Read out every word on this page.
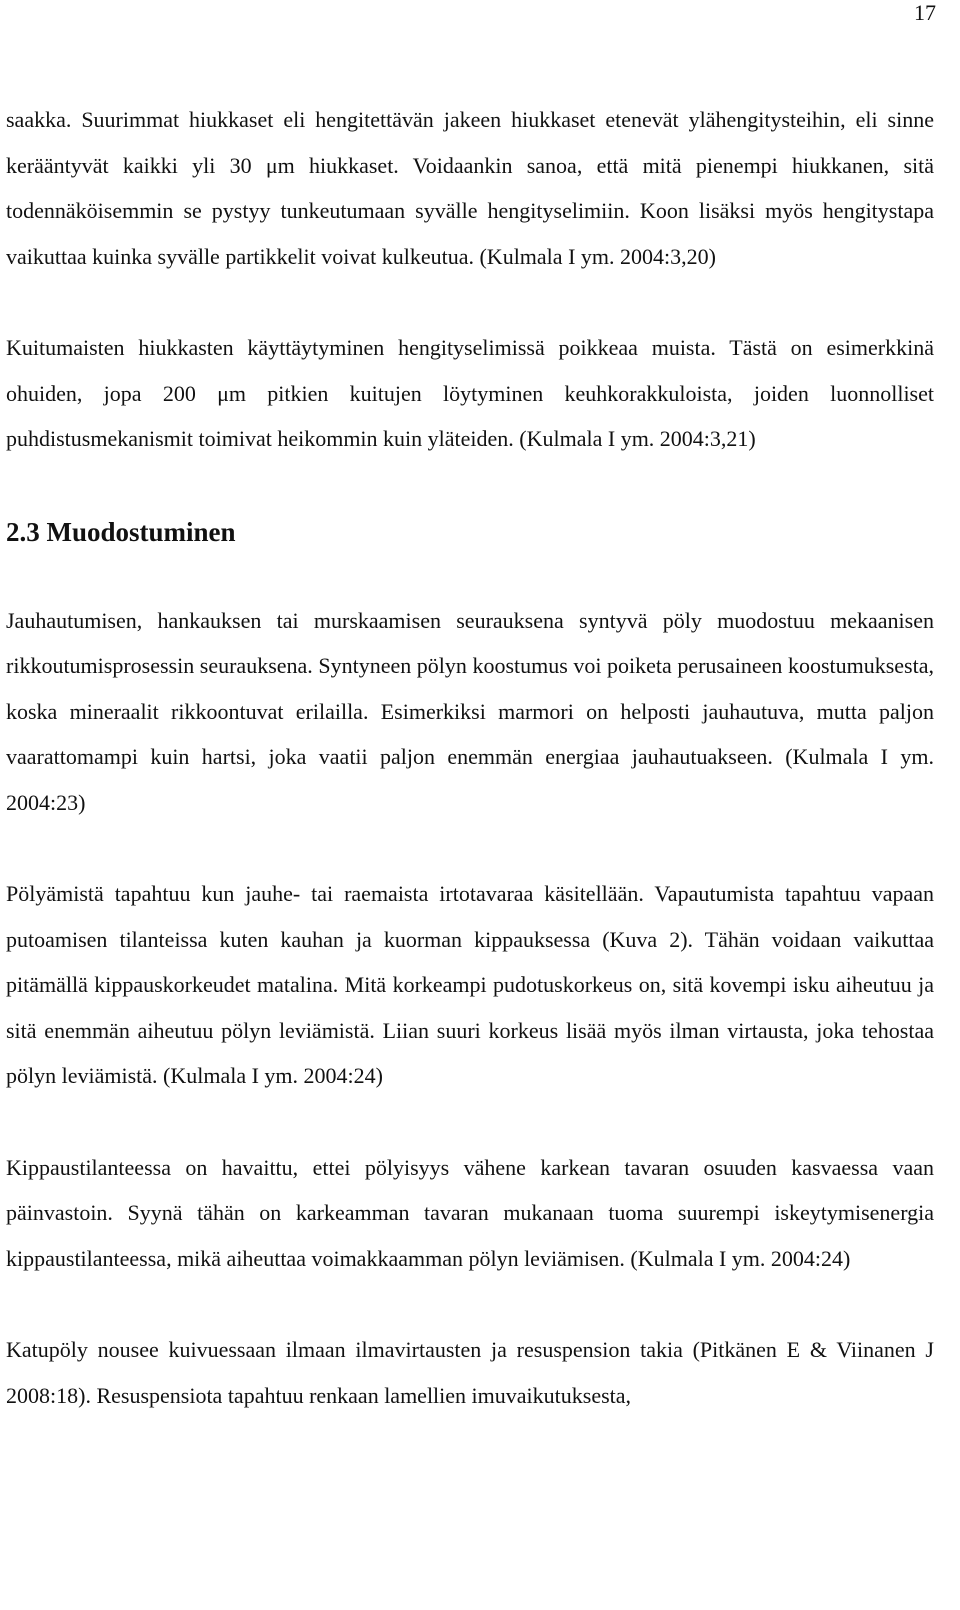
17

saakka. Suurimmat hiukkaset eli hengitettävän jakeen hiukkaset etenevät ylähengitysteihin, eli sinne kerääntyvät kaikki yli 30 μm hiukkaset. Voidaankin sanoa, että mitä pienempi hiukkanen, sitä todennäköisemmin se pystyy tunkeutumaan syvälle hengityselimiin. Koon lisäksi myös hengitystapa vaikuttaa kuinka syvälle partikkelit voivat kulkeutua. (Kulmala I ym. 2004:3,20)

Kuitumaisten hiukkasten käyttäytyminen hengityselimissä poikkeaa muista. Tästä on esimerkkinä ohuiden, jopa 200 μm pitkien kuitujen löytyminen keuhkorakkuloista, joiden luonnolliset puhdistusmekanismit toimivat heikommin kuin yläteiden. (Kulmala I ym. 2004:3,21)

2.3 Muodostuminen

Jauhautumisen, hankauksen tai murskaamisen seurauksena syntyvä pöly muodostuu mekaanisen rikkoutumisprosessin seurauksena. Syntyneen pölyn koostumus voi poiketa perusaineen koostumuksesta, koska mineraalit rikkoontuvat erilailla. Esimerkiksi marmori on helposti jauhautuva, mutta paljon vaarattomampi kuin hartsi, joka vaatii paljon enemmän energiaa jauhautuakseen. (Kulmala I ym. 2004:23)

Pölyämistä tapahtuu kun jauhe- tai raemaista irtotavaraa käsitellään. Vapautumista tapahtuu vapaan putoamisen tilanteissa kuten kauhan ja kuorman kippauksessa (Kuva 2). Tähän voidaan vaikuttaa pitämällä kippauskorkeudet matalina. Mitä korkeampi pudotuskorkeus on, sitä kovempi isku aiheutuu ja sitä enemmän aiheutuu pölyn leviämistä. Liian suuri korkeus lisää myös ilman virtausta, joka tehostaa pölyn leviämistä. (Kulmala I ym. 2004:24)

Kippaustilanteessa on havaittu, ettei pölyisyys vähene karkean tavaran osuuden kasvaessa vaan päinvastoin. Syynä tähän on karkeamman tavaran mukanaan tuoma suurempi iskeytymisenergia kippaustilanteessa, mikä aiheuttaa voimakkaamman pölyn leviämisen. (Kulmala I ym. 2004:24)

Katupöly nousee kuivuessaan ilmaan ilmavirtausten ja resuspension takia (Pitkänen E & Viinanen J 2008:18). Resuspensiota tapahtuu renkaan lamellien imuvaikutuksesta,
